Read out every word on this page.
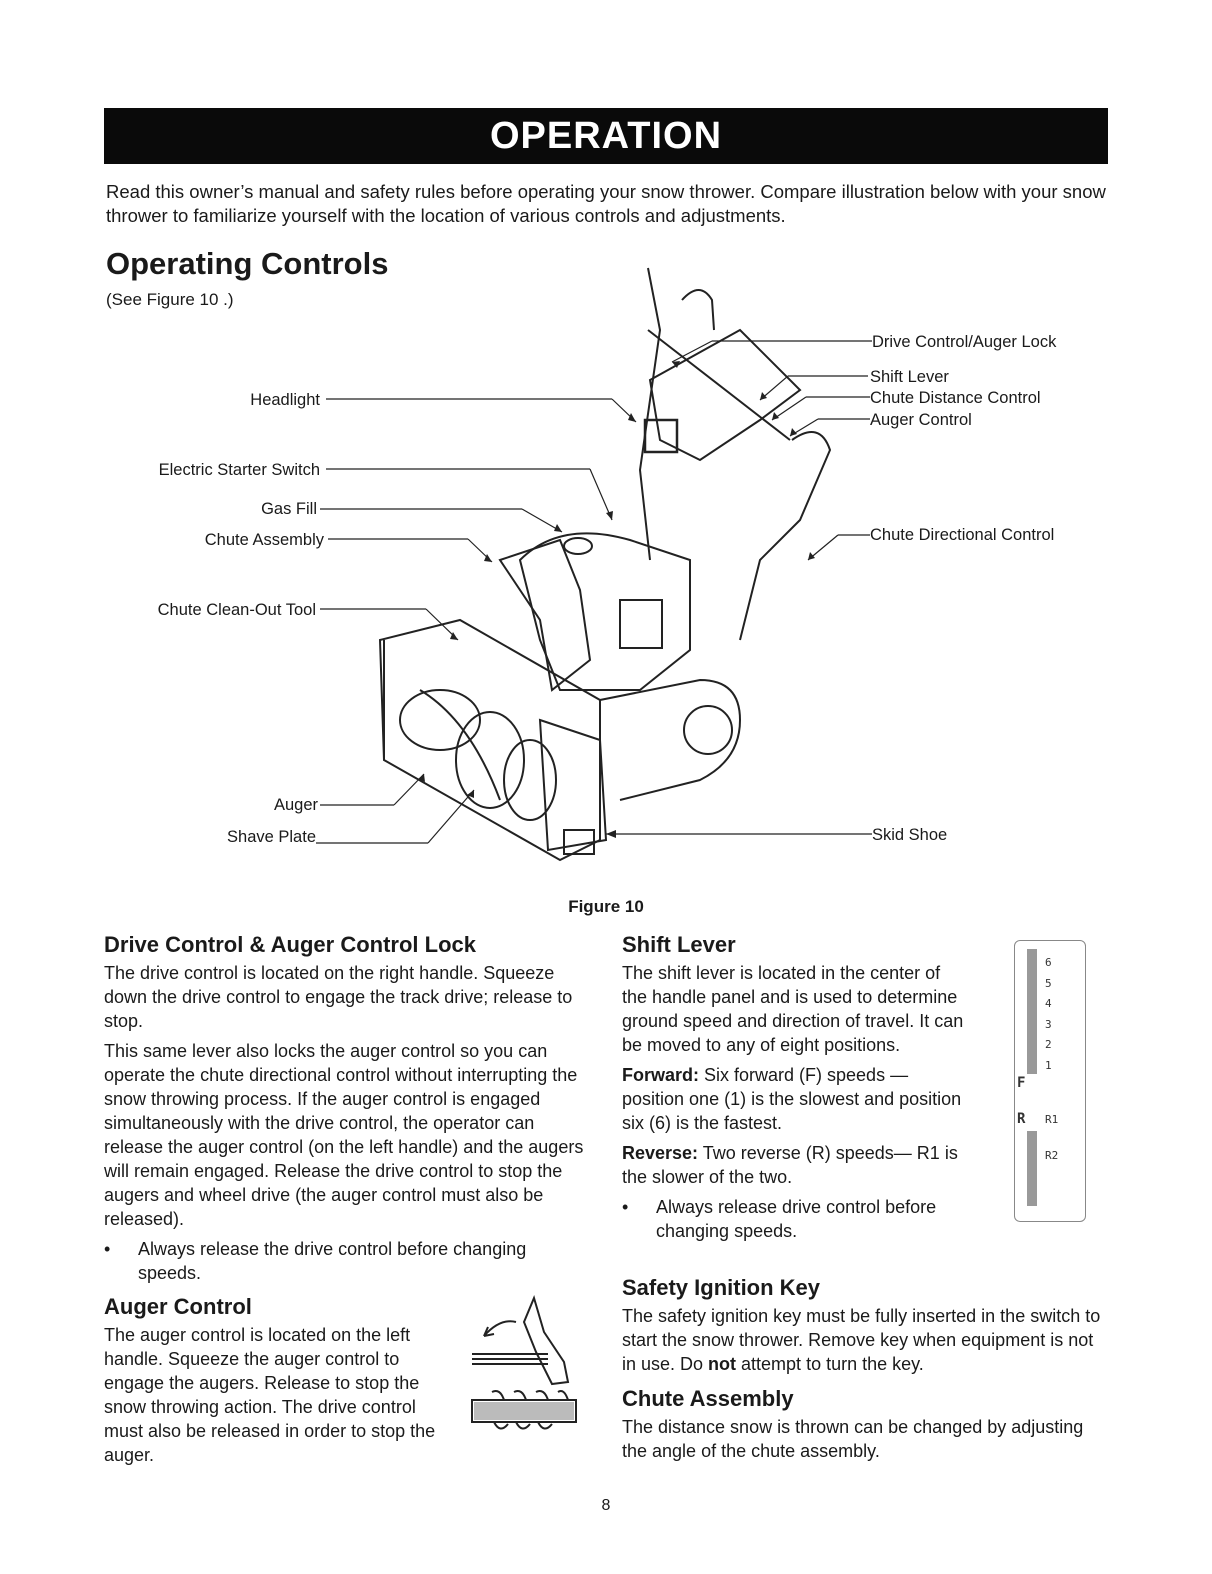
OPERATION
Read this owner’s manual and safety rules before operating your snow thrower. Compare illustration below with your snow thrower to familiarize yourself with the location of various controls and adjustments.
Operating Controls
(See Figure 10 .)
Headlight
Electric Starter Switch
Gas Fill
Chute Assembly
Chute Clean-Out Tool
Auger
Shave Plate
Drive Control/Auger Lock
Shift Lever
Chute Distance Control
Auger Control
Chute Directional Control
Skid Shoe
Figure 10
Drive Control & Auger Control Lock

The drive control is located on the right handle. Squeeze down the drive control to engage the track drive; release to stop.

This same lever also locks the auger control so you can operate the chute directional control without interrupting the snow throwing process. If the auger control is engaged simultaneously with the drive control, the operator can release the auger control (on the left handle) and the augers will remain engaged. Release the drive control to stop the augers and wheel drive (the auger control must also be released).

• Always release the drive control before changing speeds.
Auger Control

The auger control is located on the left handle. Squeeze the auger control to engage the augers. Release to stop the snow throwing action. The drive control must also be released in order to stop the auger.

Shift Lever

The shift lever is located in the center of the handle panel and is used to determine ground speed and direction of travel. It can be moved to any of eight positions.

Forward: Six forward (F) speeds — position one (1) is the slowest and position six (6) is the fastest.

Reverse: Two reverse (R) speeds— R1 is the slower of the two.

• Always release drive control before changing speeds.
6
5
4
3
2
1
F
R R1
R2
Safety Ignition Key

The safety ignition key must be fully inserted in the switch to start the snow thrower. Remove key when equipment is not in use. Do not attempt to turn the key.

Chute Assembly

The distance snow is thrown can be changed by adjusting the angle of the chute assembly.

8
